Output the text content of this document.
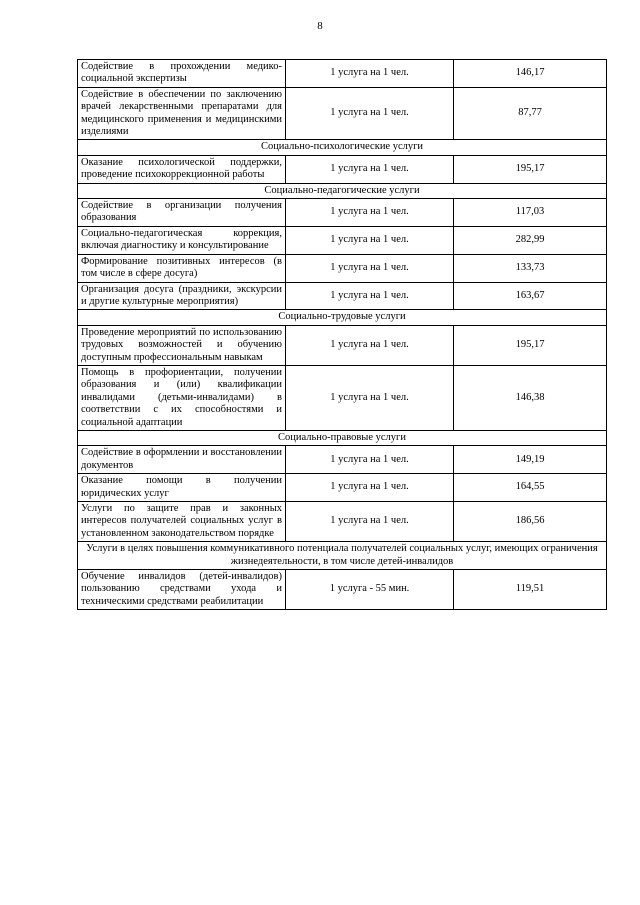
8
Содействие в прохождении медико-социальной экспертизы	1 услуга на 1 чел.	146,17
Содействие в обеспечении по заключению врачей лекарственными препаратами для медицинского применения и медицинскими изделиями	1 услуга на 1 чел.	87,77
Социально-психологические услуги		
Оказание психологической поддержки, проведение психокоррекционной работы	1 услуга на 1 чел.	195,17
Социально-педагогические услуги		
Содействие в организации получения образования	1 услуга на 1 чел.	117,03
Социально-педагогическая коррекция, включая диагностику и консультирование	1 услуга на 1 чел.	282,99
Формирование позитивных интересов (в том числе в сфере досуга)	1 услуга на 1 чел.	133,73
Организация досуга (праздники, экскурсии и другие культурные мероприятия)	1 услуга на 1 чел.	163,67
Социально-трудовые услуги		
Проведение мероприятий по использованию трудовых возможностей и обучению доступным профессиональным навыкам	1 услуга на 1 чел.	195,17
Помощь в профориентации, получении образования и (или) квалификации инвалидами (детьми-инвалидами) в соответствии с их способностями и социальной адаптации	1 услуга на 1 чел.	146,38
Социально-правовые услуги		
Содействие в оформлении и восстановлении документов	1 услуга на 1 чел.	149,19
Оказание помощи в получении юридических услуг	1 услуга на 1 чел.	164,55
Услуги по защите прав и законных интересов получателей социальных услуг в установленном законодательством порядке	1 услуга на 1 чел.	186,56
Услуги в целях повышения коммуникативного потенциала получателей социальных услуг, имеющих ограничения жизнедеятельности, в том числе детей-инвалидов		
Обучение инвалидов (детей-инвалидов) пользованию средствами ухода и техническими средствами реабилитации	1 услуга - 55 мин.	119,51
